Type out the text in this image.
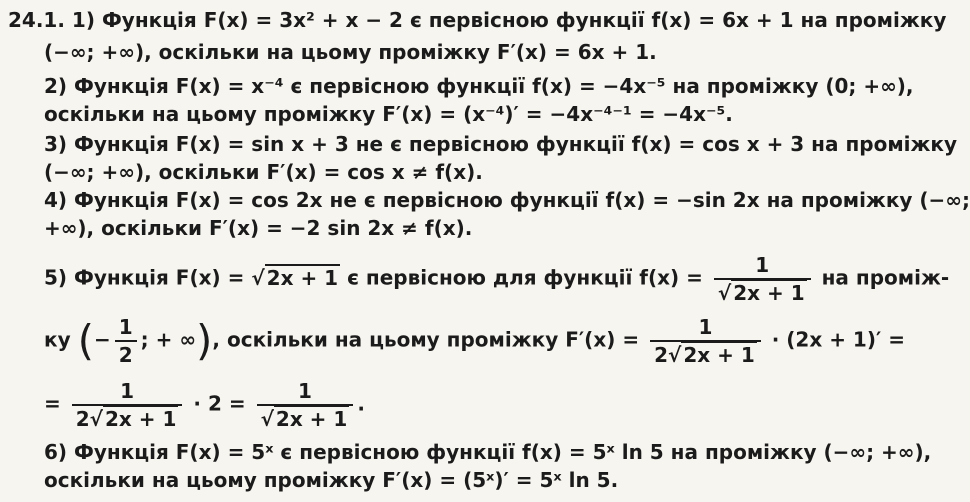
24.1. 1) Функція F(x) = 3x² + x − 2 є первісною функції f(x) = 6x + 1 на проміжку
(−∞; +∞), оскільки на цьому проміжку F′(x) = 6x + 1.
2) Функція F(x) = x⁻⁴ є первісною функції f(x) = −4x⁻⁵ на проміжку (0; +∞),
оскільки на цьому проміжку F′(x) = (x⁻⁴)′ = −4x⁻⁴⁻¹ = −4x⁻⁵.
3) Функція F(x) = sin x + 3 не є первісною функції f(x) = cos x + 3 на проміжку
(−∞; +∞), оскільки F′(x) = cos x ≠ f(x).
4) Функція F(x) = cos 2x не є первісною функції f(x) = −sin 2x на проміжку (−∞;
+∞), оскільки F′(x) = −2 sin 2x ≠ f(x).
5) Функція F(x) = √ 2x + 1 є первісною для функції $f(x) = \frac{1}{√ 2x + 1}$ на проміж-
ку (− $\frac{1}{2}$ ; + ∞), оскільки на цьому проміжку $F'(x) = \frac{1}{2√ 2x + 1} \cdot (2x + 1)'$ =
= $\frac{1}{2√ 2x + 1} \cdot 2 = \frac{1}{√ 2x + 1}$ .
6) Функція F(x) = 5ˣ є первісною функції f(x) = 5ˣ ln 5 на проміжку (−∞; +∞),
оскільки на цьому проміжку F′(x) = (5ˣ)′ = 5ˣ ln 5.
